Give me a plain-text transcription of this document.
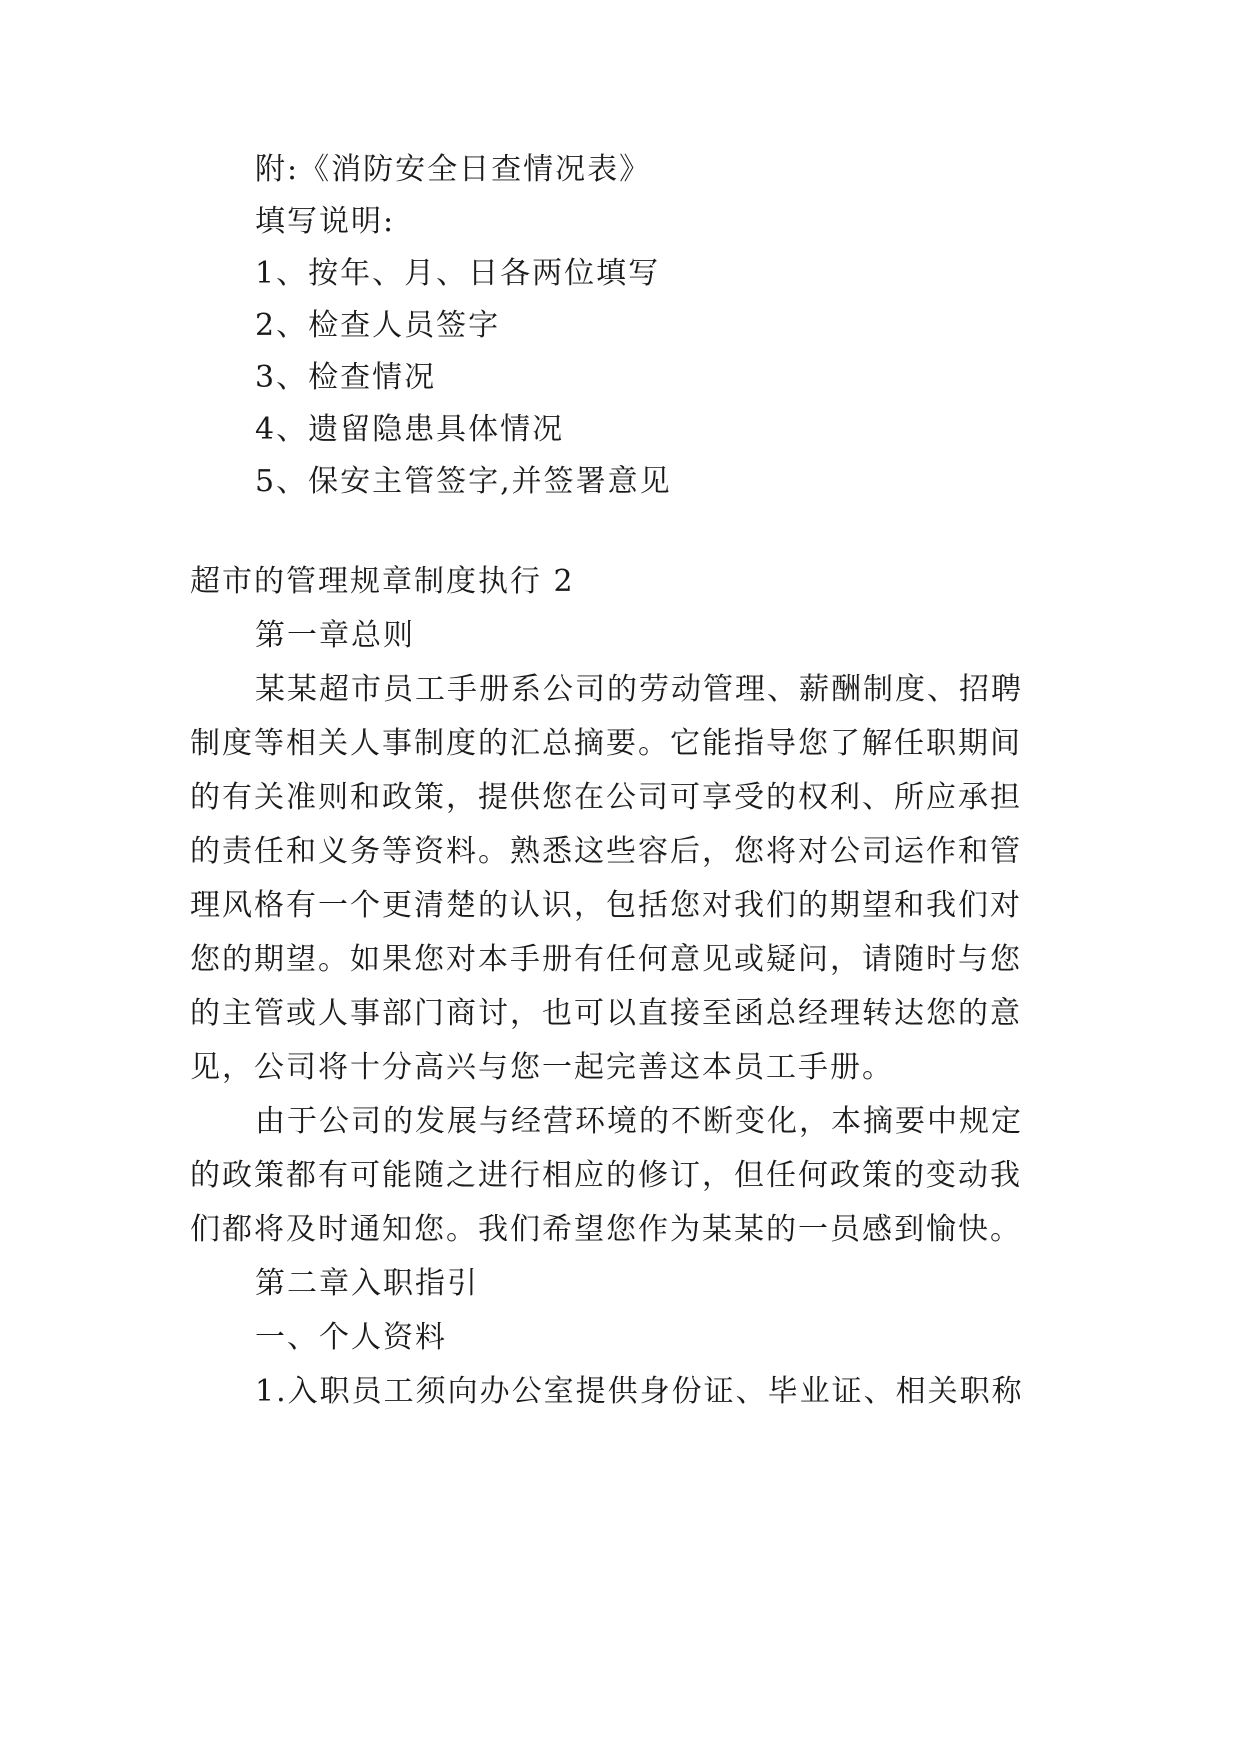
附:《消防安全日查情况表》
填写说明:
1、按年、月、日各两位填写
2、检查人员签字
3、检查情况
4、遗留隐患具体情况
5、保安主管签字,并签署意见
超市的管理规章制度执行 2
第一章总则
某某超市员工手册系公司的劳动管理、薪酬制度、招聘
制度等相关人事制度的汇总摘要。它能指导您了解任职期间
的有关准则和政策，提供您在公司可享受的权利、所应承担
的责任和义务等资料。熟悉这些容后，您将对公司运作和管
理风格有一个更清楚的认识，包括您对我们的期望和我们对
您的期望。如果您对本手册有任何意见或疑问，请随时与您
的主管或人事部门商讨，也可以直接至函总经理转达您的意
见，公司将十分高兴与您一起完善这本员工手册。
由于公司的发展与经营环境的不断变化，本摘要中规定
的政策都有可能随之进行相应的修订，但任何政策的变动我
们都将及时通知您。我们希望您作为某某的一员感到愉快。
第二章入职指引
一、个人资料
1.入职员工须向办公室提供身份证、毕业证、相关职称
